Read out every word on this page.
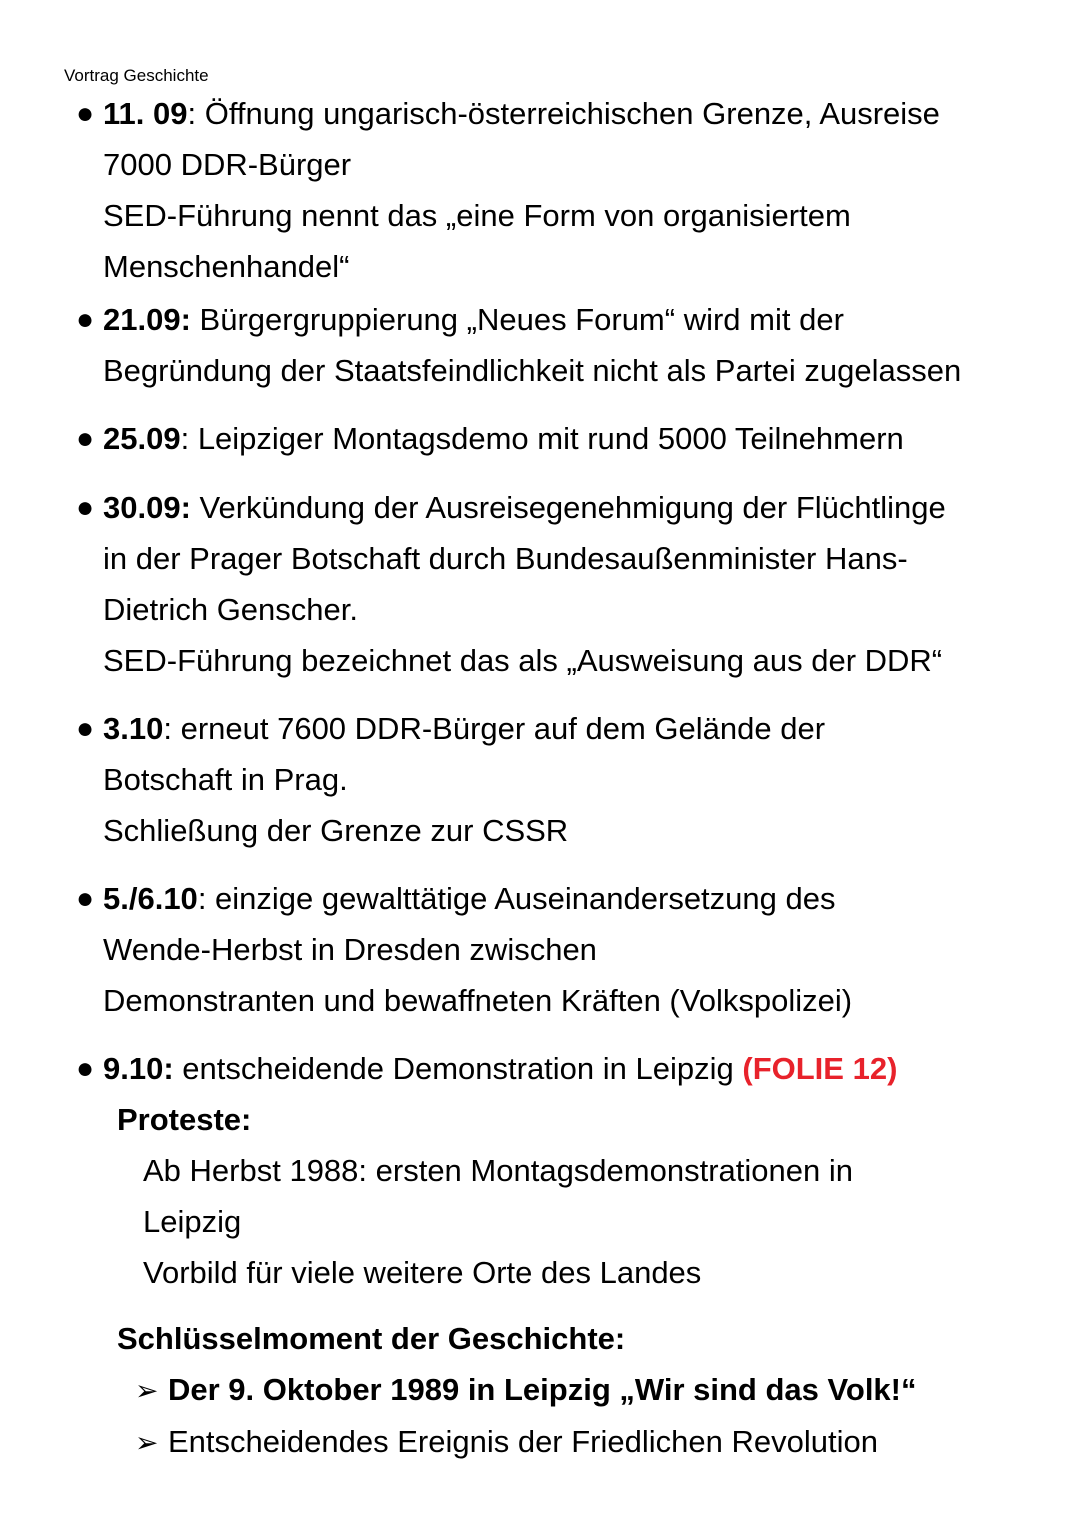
Vortrag Geschichte
● 11. 09: Öffnung ungarisch-österreichischen Grenze, Ausreise
7000 DDR-Bürger
SED-Führung nennt das „eine Form von organisiertem
Menschenhandel“
● 21.09: Bürgergruppierung „Neues Forum“ wird mit der
Begründung der Staatsfeindlichkeit nicht als Partei zugelassen
● 25.09: Leipziger Montagsdemo mit rund 5000 Teilnehmern
● 30.09: Verkündung der Ausreisegenehmigung der Flüchtlinge
in der Prager Botschaft durch Bundesaußenminister Hans-
Dietrich Genscher.
SED-Führung bezeichnet das als „Ausweisung aus der DDR“
● 3.10: erneut 7600 DDR-Bürger auf dem Gelände der
Botschaft in Prag.
Schließung der Grenze zur CSSR
● 5./6.10: einzige gewalttätige Auseinandersetzung des
Wende-Herbst in Dresden zwischen
Demonstranten und bewaffneten Kräften (Volkspolizei)
● 9.10: entscheidende Demonstration in Leipzig (FOLIE 12)
Proteste:
Ab Herbst 1988: ersten Montagsdemonstrationen in
Leipzig
Vorbild für viele weitere Orte des Landes
Schlüsselmoment der Geschichte:
➢ Der 9. Oktober 1989 in Leipzig „Wir sind das Volk!“
➢ Entscheidendes Ereignis der Friedlichen Revolution
